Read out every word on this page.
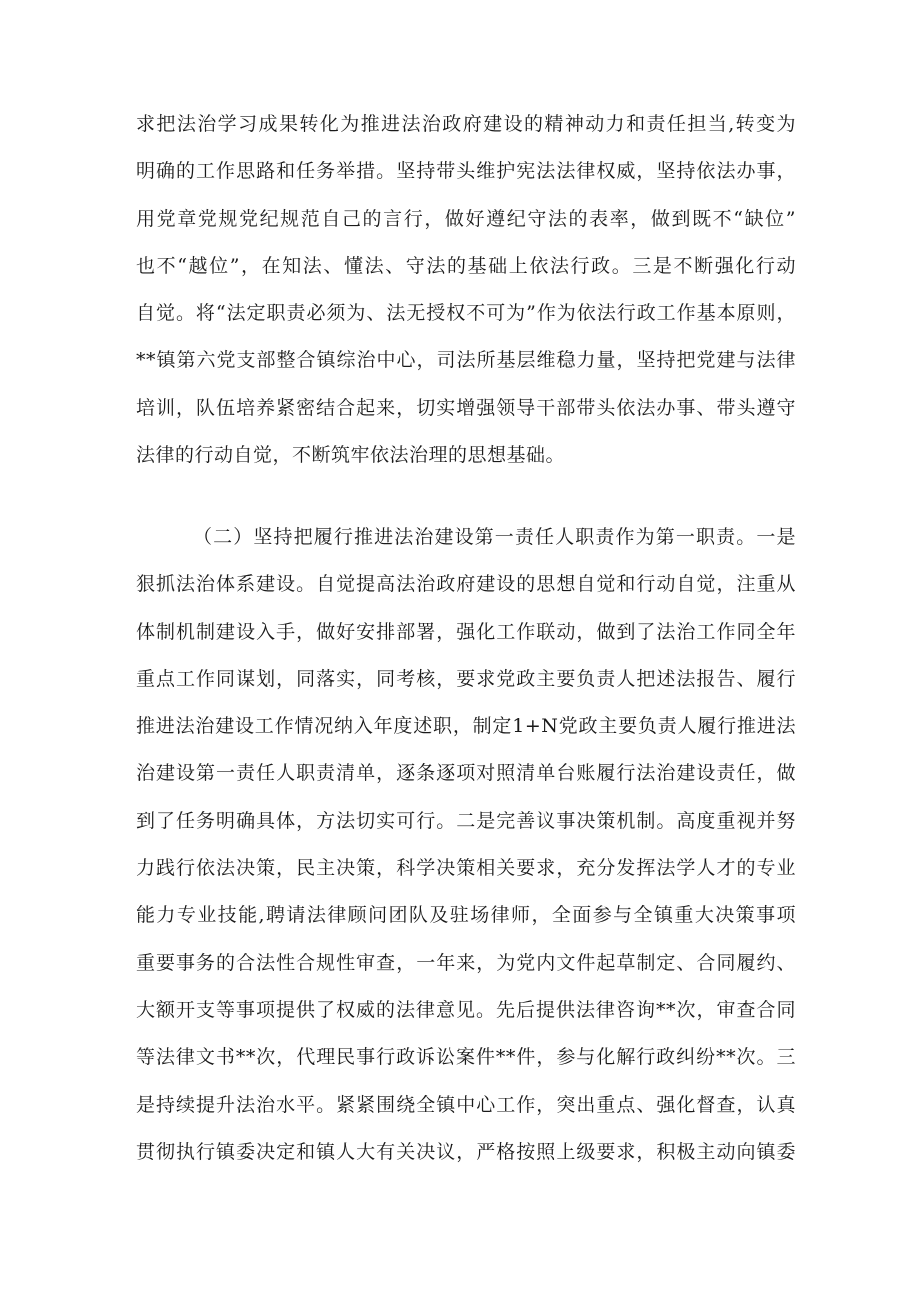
求把法治学习成果转化为推进法治政府建设的精神动力和责任担当,转变为
明确的工作思路和任务举措。坚持带头维护宪法法律权威，坚持依法办事，
用党章党规党纪规范自己的言行，做好遵纪守法的表率，做到既不“缺位”
也不“越位”，在知法、懂法、守法的基础上依法行政。三是不断强化行动
自觉。将“法定职责必须为、法无授权不可为”作为依法行政工作基本原则，
**镇第六党支部整合镇综治中心，司法所基层维稳力量，坚持把党建与法律
培训，队伍培养紧密结合起来，切实增强领导干部带头依法办事、带头遵守
法律的行动自觉，不断筑牢依法治理的思想基础。
（二）坚持把履行推进法治建设第一责任人职责作为第一职责。一是
狠抓法治体系建设。自觉提高法治政府建设的思想自觉和行动自觉，注重从
体制机制建设入手，做好安排部署，强化工作联动，做到了法治工作同全年
重点工作同谋划，同落实，同考核，要求党政主要负责人把述法报告、履行
推进法治建设工作情况纳入年度述职，制定1+N党政主要负责人履行推进法
治建设第一责任人职责清单，逐条逐项对照清单台账履行法治建设责任，做
到了任务明确具体，方法切实可行。二是完善议事决策机制。高度重视并努
力践行依法决策，民主决策，科学决策相关要求，充分发挥法学人才的专业
能力专业技能,聘请法律顾问团队及驻场律师，全面参与全镇重大决策事项
重要事务的合法性合规性审查，一年来，为党内文件起草制定、合同履约、
大额开支等事项提供了权威的法律意见。先后提供法律咨询**次，审查合同
等法律文书**次，代理民事行政诉讼案件**件，参与化解行政纠纷**次。三
是持续提升法治水平。紧紧围绕全镇中心工作，突出重点、强化督查，认真
贯彻执行镇委决定和镇人大有关决议，严格按照上级要求，积极主动向镇委
